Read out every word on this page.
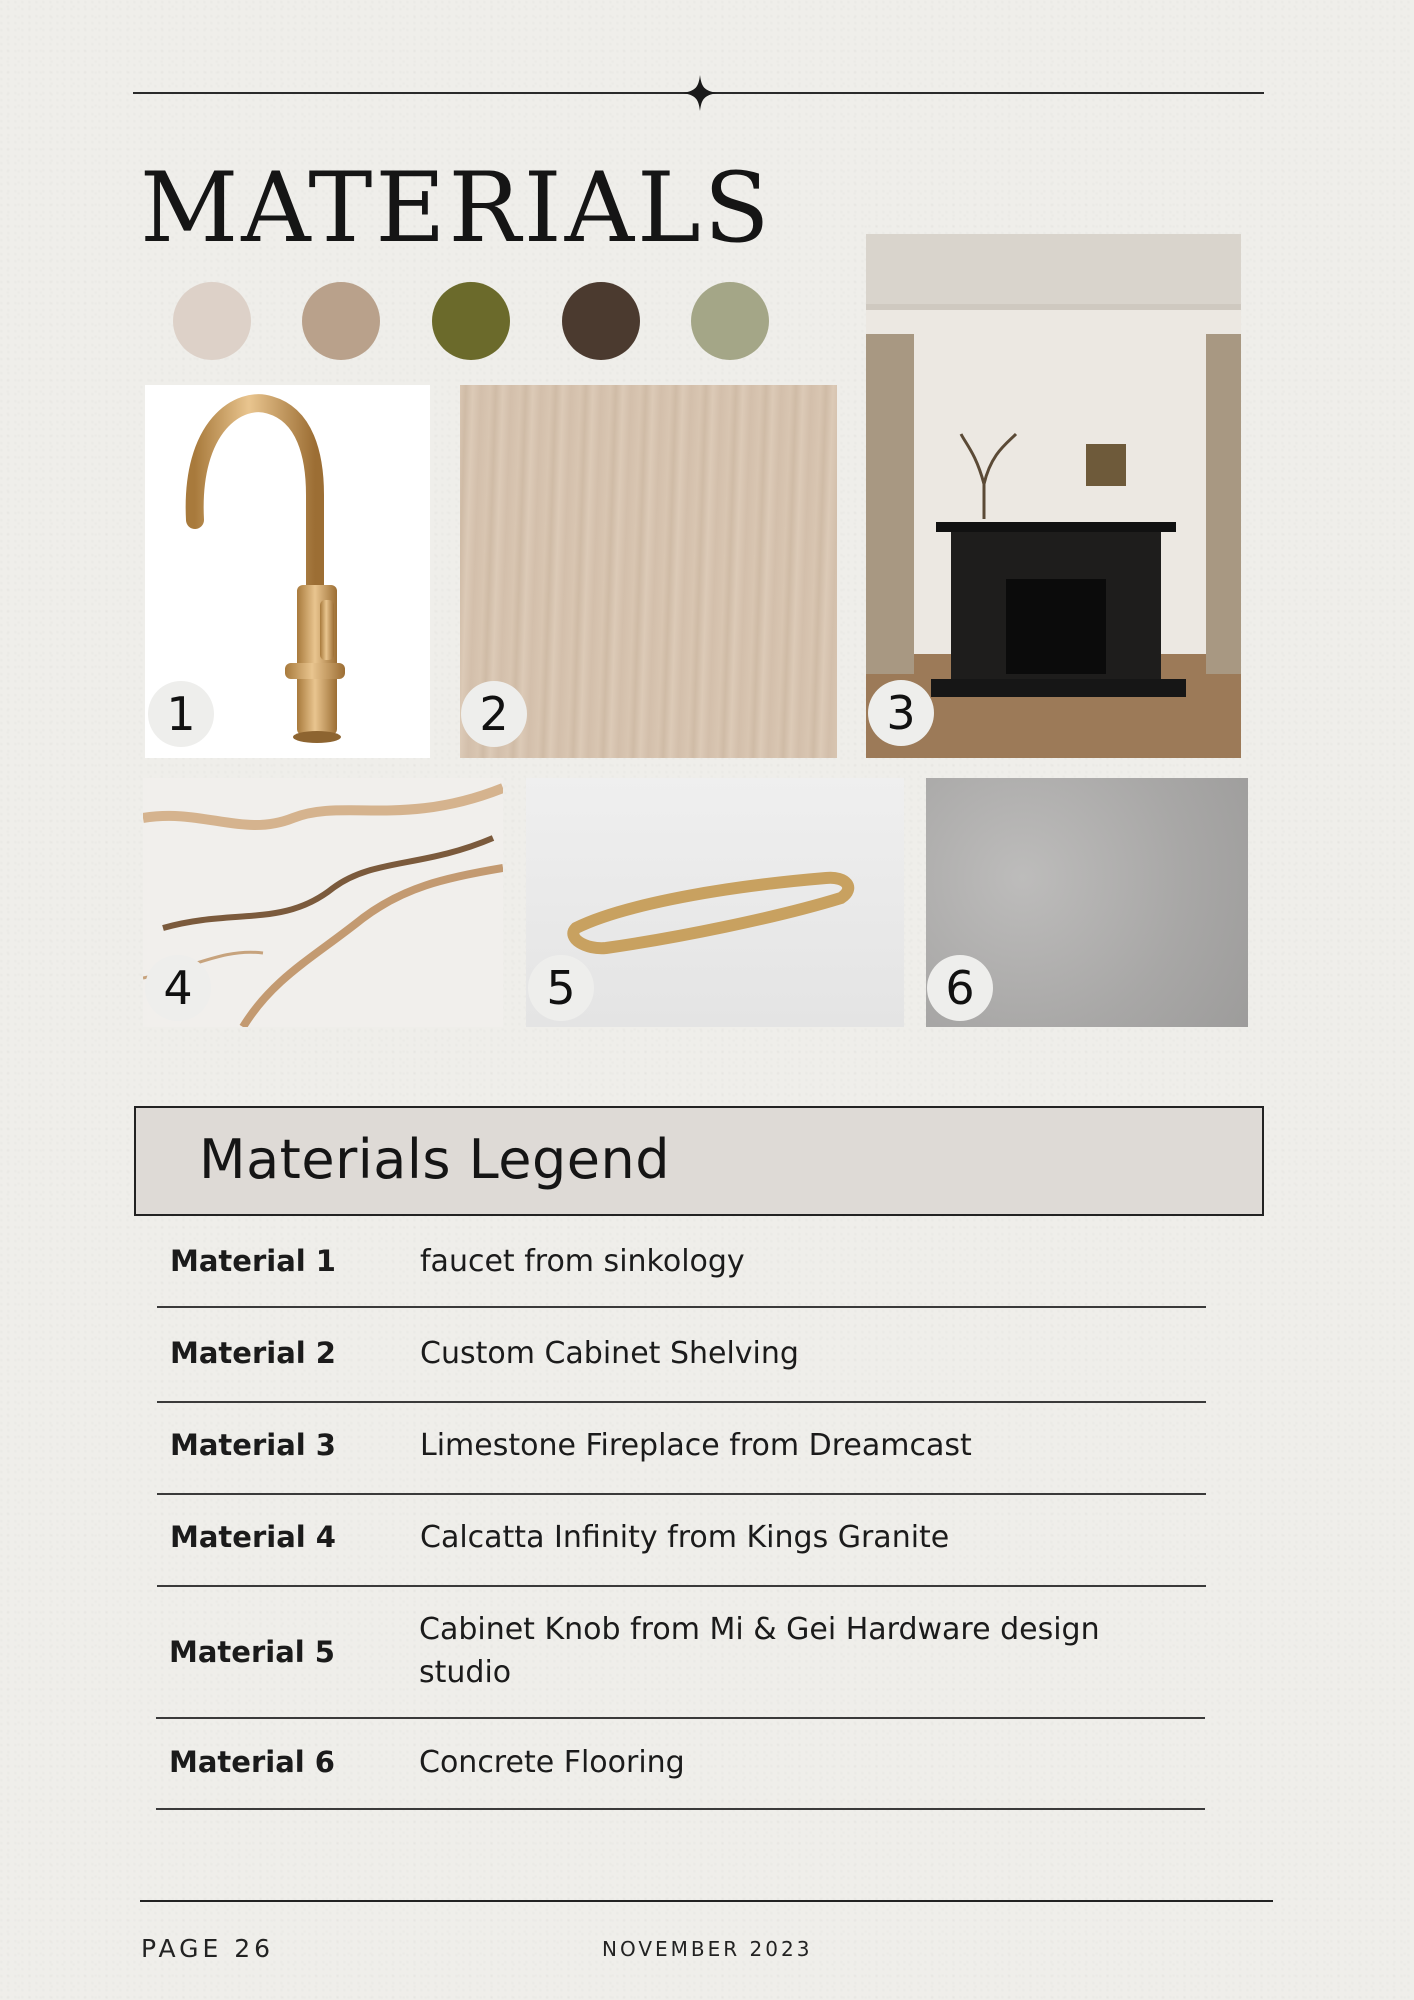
MATERIALS
1	2	3
4	5	6
Materials Legend
Material 1	faucet from sinkology
Material 2	Custom Cabinet Shelving
Material 3	Limestone Fireplace from Dreamcast
Material 4	Calcatta Infinity from Kings Granite
Material 5
Cabinet Knob from Mi & Gei Hardware design studio
Material 6	Concrete Flooring
PAGE 26	NOVEMBER 2023
